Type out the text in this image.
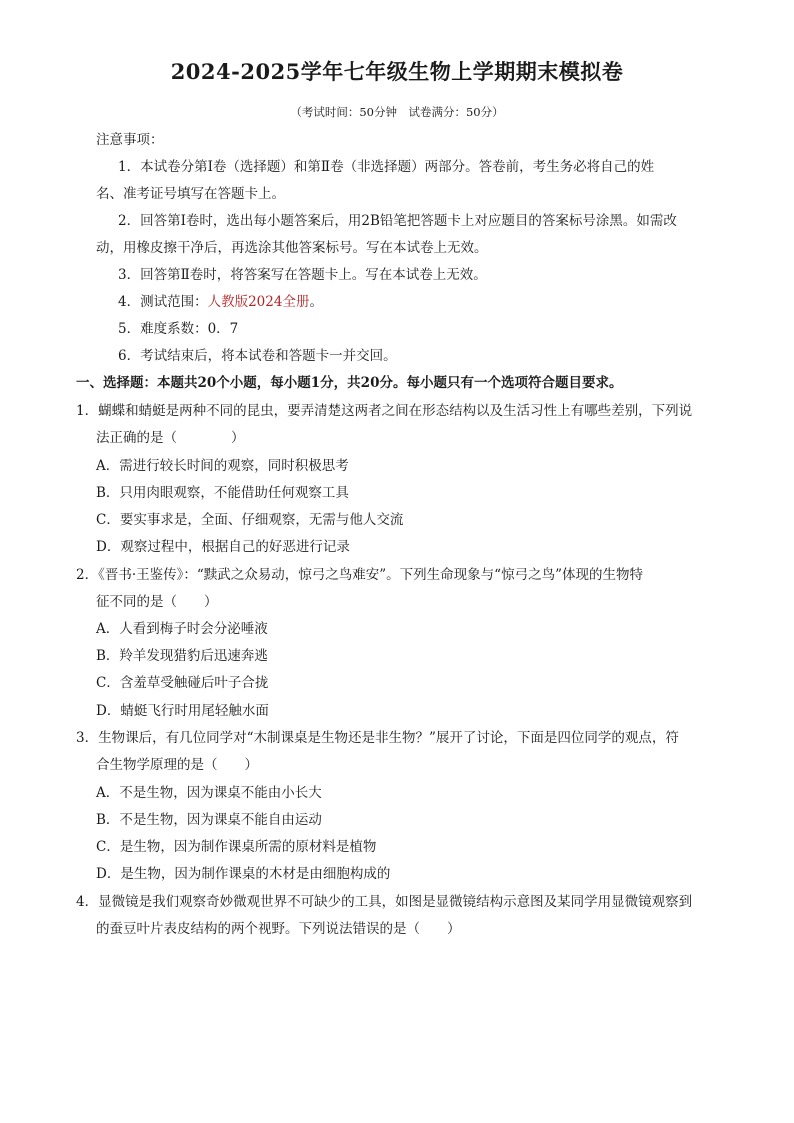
2024-2025学年七年级生物上学期期末模拟卷
（考试时间：50分钟　试卷满分：50分）
注意事项：
1．本试卷分第Ⅰ卷（选择题）和第Ⅱ卷（非选择题）两部分。答卷前，考生务必将自己的姓
名、准考证号填写在答题卡上。
2．回答第Ⅰ卷时，选出每小题答案后，用2B铅笔把答题卡上对应题目的答案标号涂黑。如需改
动，用橡皮擦干净后，再选涂其他答案标号。写在本试卷上无效。
3．回答第Ⅱ卷时，将答案写在答题卡上。写在本试卷上无效。
4．测试范围：人教版2024全册。
5．难度系数：0．7
6．考试结束后，将本试卷和答题卡一并交回。
一、选择题：本题共20个小题，每小题1分，共20分。每小题只有一个选项符合题目要求。
1．蝴蝶和蜻蜓是两种不同的昆虫，要弄清楚这两者之间在形态结构以及生活习性上有哪些差别，下列说
法正确的是（　　　　）
A．需进行较长时间的观察，同时积极思考
B．只用肉眼观察，不能借助任何观察工具
C．要实事求是，全面、仔细观察，无需与他人交流
D．观察过程中，根据自己的好恶进行记录
2．《晋书·王鉴传》：“黩武之众易动，惊弓之鸟难安”。下列生命现象与“惊弓之鸟”体现的生物特
征不同的是（　　）
A．人看到梅子时会分泌唾液
B．羚羊发现猎豹后迅速奔逃
C．含羞草受触碰后叶子合拢
D．蜻蜓飞行时用尾轻触水面
3．生物课后，有几位同学对“木制课桌是生物还是非生物？”展开了讨论，下面是四位同学的观点，符
合生物学原理的是（　　）
A．不是生物，因为课桌不能由小长大
B．不是生物，因为课桌不能自由运动
C．是生物，因为制作课桌所需的原材料是植物
D．是生物，因为制作课桌的木材是由细胞构成的
4．显微镜是我们观察奇妙微观世界不可缺少的工具，如图是显微镜结构示意图及某同学用显微镜观察到
的蚕豆叶片表皮结构的两个视野。下列说法错误的是（　　）
